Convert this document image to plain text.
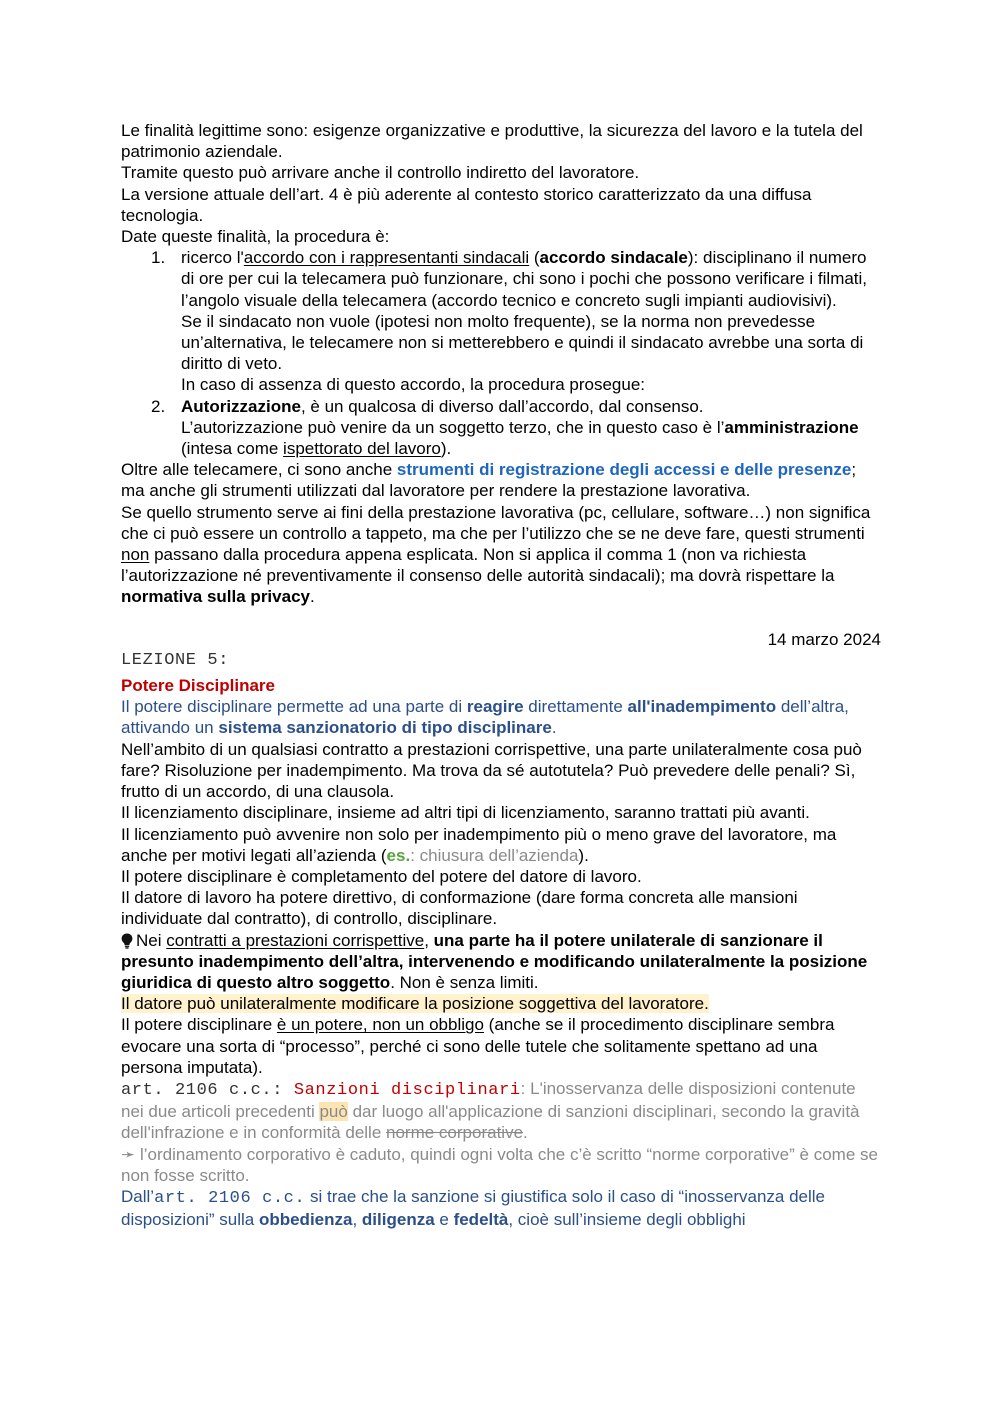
Le finalità legittime sono: esigenze organizzative e produttive, la sicurezza del lavoro e la tutela del patrimonio aziendale.

Tramite questo può arrivare anche il controllo indiretto del lavoratore.

La versione attuale dell’art. 4 è più aderente al contesto storico caratterizzato da una diffusa tecnologia.

Date queste finalità, la procedura è:

1. ricerco l'accordo con i rappresentanti sindacali (accordo sindacale): disciplinano il numero di ore per cui la telecamera può funzionare, chi sono i pochi che possono verificare i filmati, l’angolo visuale della telecamera (accordo tecnico e concreto sugli impianti audiovisivi).

Se il sindacato non vuole (ipotesi non molto frequente), se la norma non prevedesse un’alternativa, le telecamere non si metterebbero e quindi il sindacato avrebbe una sorta di diritto di veto.

In caso di assenza di questo accordo, la procedura prosegue:

2. Autorizzazione, è un qualcosa di diverso dall’accordo, dal consenso.

L’autorizzazione può venire da un soggetto terzo, che in questo caso è l’amministrazione (intesa come ispettorato del lavoro).

Oltre alle telecamere, ci sono anche strumenti di registrazione degli accessi e delle presenze; ma anche gli strumenti utilizzati dal lavoratore per rendere la prestazione lavorativa.

Se quello strumento serve ai fini della prestazione lavorativa (pc, cellulare, software…) non significa che ci può essere un controllo a tappeto, ma che per l’utilizzo che se ne deve fare, questi strumenti non passano dalla procedura appena esplicata. Non si applica il comma 1 (non va richiesta l’autorizzazione né preventivamente il consenso delle autorità sindacali); ma dovrà rispettare la normativa sulla privacy.

14 marzo 2024

LEZIONE 5:

Potere Disciplinare

Il potere disciplinare permette ad una parte di reagire direttamente all'inadempimento dell’altra, attivando un sistema sanzionatorio di tipo disciplinare.

Nell’ambito di un qualsiasi contratto a prestazioni corrispettive, una parte unilateralmente cosa può fare? Risoluzione per inadempimento. Ma trova da sé autotutela? Può prevedere delle penali? Sì, frutto di un accordo, di una clausola.

Il licenziamento disciplinare, insieme ad altri tipi di licenziamento, saranno trattati più avanti.

Il licenziamento può avvenire non solo per inadempimento più o meno grave del lavoratore, ma anche per motivi legati all’azienda (es.: chiusura dell’azienda).

Il potere disciplinare è completamento del potere del datore di lavoro.

Il datore di lavoro ha potere direttivo, di conformazione (dare forma concreta alle mansioni individuate dal contratto), di controllo, disciplinare.

Nei contratti a prestazioni corrispettive, una parte ha il potere unilaterale di sanzionare il presunto inadempimento dell’altra, intervenendo e modificando unilateralmente la posizione giuridica di questo altro soggetto. Non è senza limiti.

Il datore può unilateralmente modificare la posizione soggettiva del lavoratore.

Il potere disciplinare è un potere, non un obbligo (anche se il procedimento disciplinare sembra evocare una sorta di “processo”, perché ci sono delle tutele che solitamente spettano ad una persona imputata).

art. 2106 c.c.: Sanzioni disciplinari: L'inosservanza delle disposizioni contenute nei due articoli precedenti può dar luogo all'applicazione di sanzioni disciplinari, secondo la gravità dell'infrazione e in conformità delle norme corporative.

➛ l’ordinamento corporativo è caduto, quindi ogni volta che c’è scritto “norme corporative” è come se non fosse scritto.

Dall’art. 2106 c.c. si trae che la sanzione si giustifica solo il caso di “inosservanza delle disposizioni” sulla obbedienza, diligenza e fedeltà, cioè sull’insieme degli obblighi
